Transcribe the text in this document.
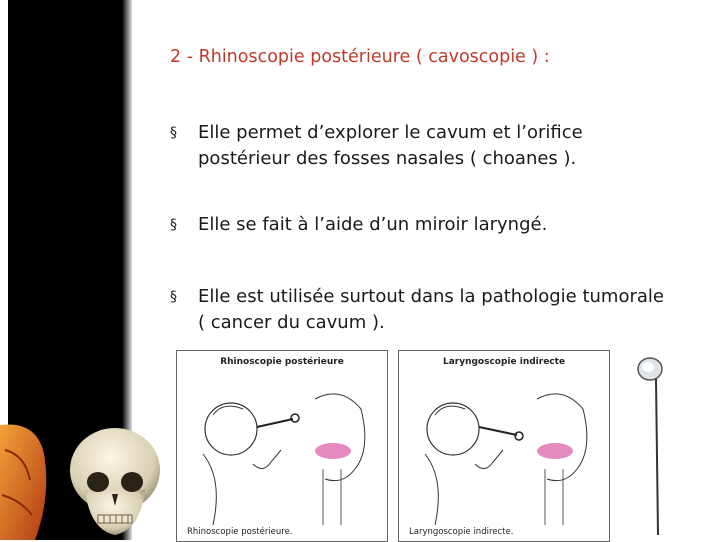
2 - Rhinoscopie postérieure ( cavoscopie ) :
§ Elle permet d’explorer le cavum et l’orifice postérieur des fosses nasales ( choanes ).
§ Elle se fait à l’aide d’un miroir laryngé.
§ Elle est utilisée surtout dans la pathologie tumorale ( cancer du cavum ).
Rhinoscopie postérieure
Rhinoscopie postérieure.
Laryngoscopie indirecte
Laryngoscopie indirecte.
